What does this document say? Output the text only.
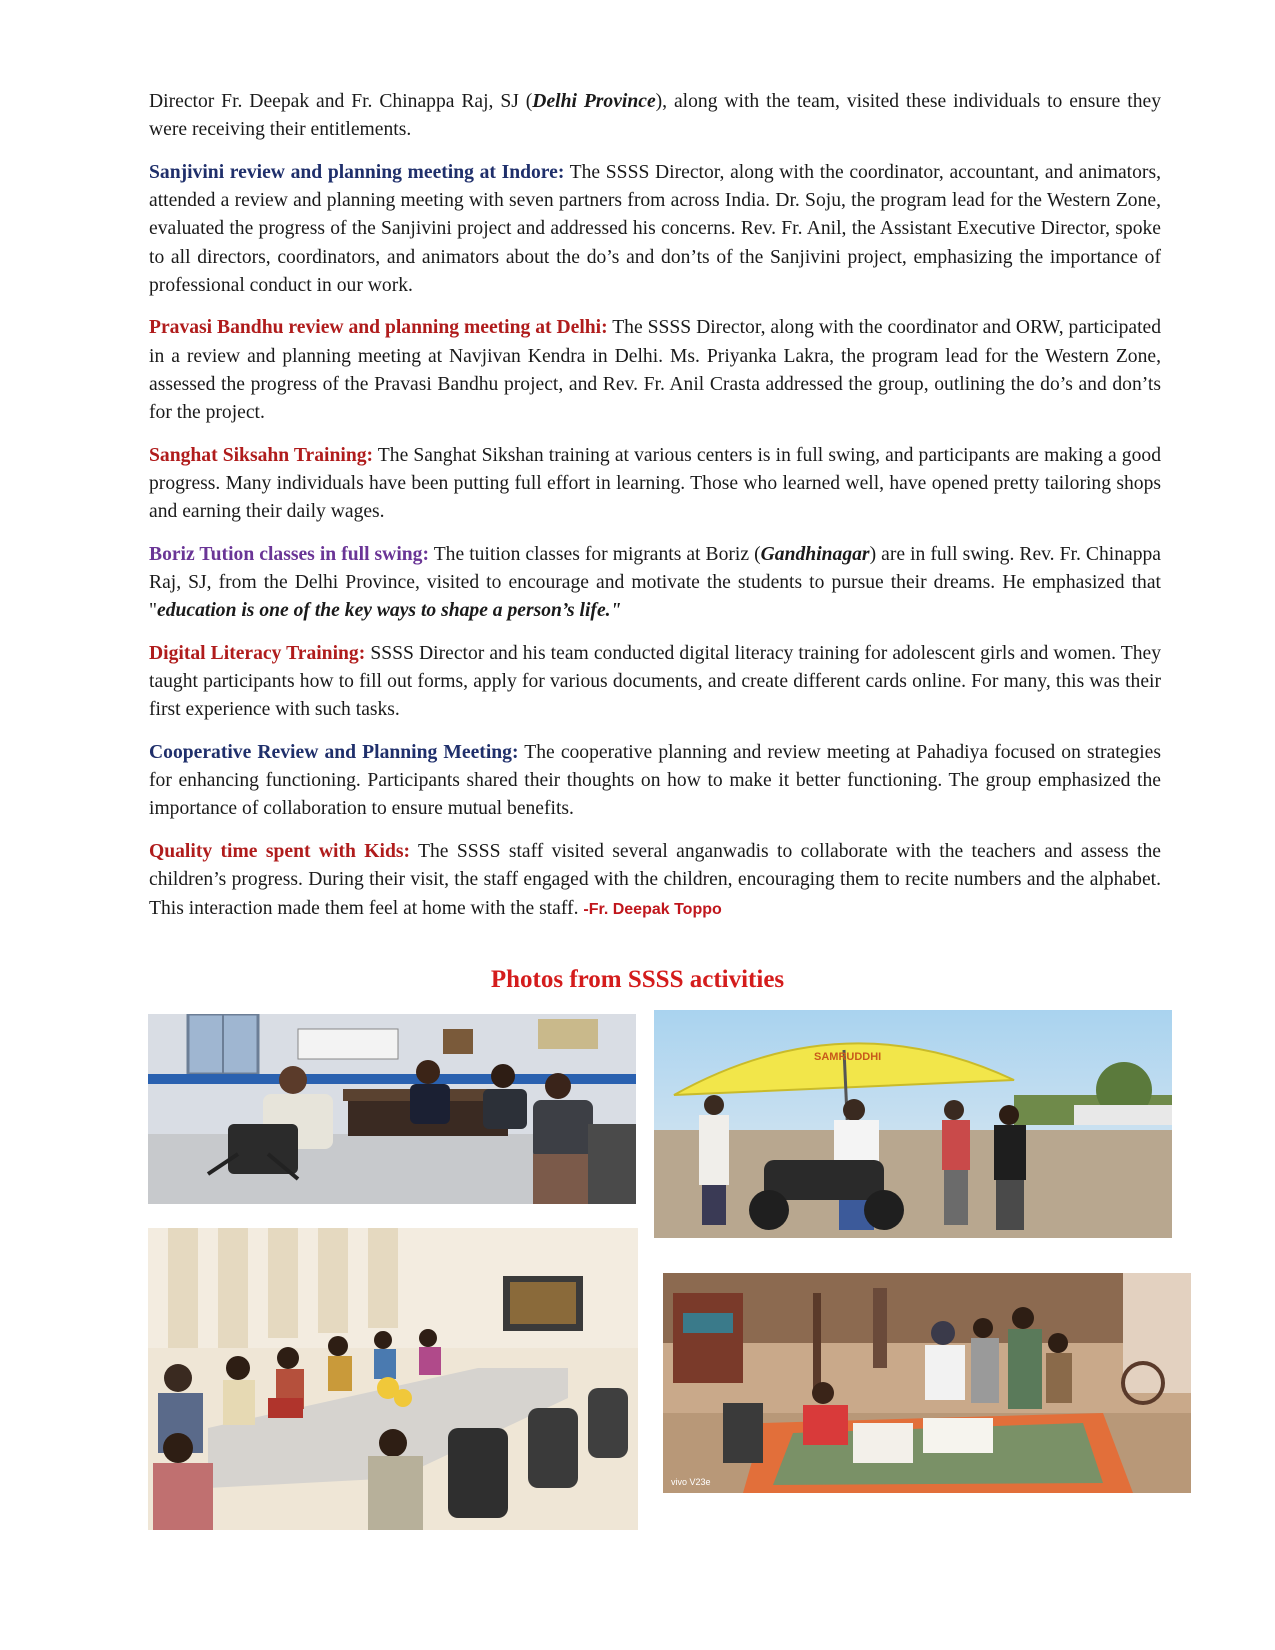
Director Fr. Deepak and Fr. Chinappa Raj, SJ (Delhi Province), along with the team, visited these individuals to ensure they were receiving their entitlements.

Sanjivini review and planning meeting at Indore: The SSSS Director, along with the coordinator, accountant, and animators, attended a review and planning meeting with seven partners from across India. Dr. Soju, the program lead for the Western Zone, evaluated the progress of the Sanjivini project and addressed his concerns. Rev. Fr. Anil, the Assistant Executive Director, spoke to all directors, coordinators, and animators about the do’s and don’ts of the Sanjivini project, emphasizing the importance of professional conduct in our work.

Pravasi Bandhu review and planning meeting at Delhi: The SSSS Director, along with the coordinator and ORW, participated in a review and planning meeting at Navjivan Kendra in Delhi. Ms. Priyanka Lakra, the program lead for the Western Zone, assessed the progress of the Pravasi Bandhu project, and Rev. Fr. Anil Crasta addressed the group, outlining the do’s and don’ts for the project.

Sanghat Siksahn Training: The Sanghat Sikshan training at various centers is in full swing, and participants are making a good progress. Many individuals have been putting full effort in learning. Those who learned well, have opened pretty tailoring shops and earning their daily wages.

Boriz Tution classes in full swing: The tuition classes for migrants at Boriz (Gandhinagar) are in full swing. Rev. Fr. Chinappa Raj, SJ, from the Delhi Province, visited to encourage and motivate the students to pursue their dreams. He emphasized that "education is one of the key ways to shape a person’s life."

Digital Literacy Training: SSSS Director and his team conducted digital literacy training for adolescent girls and women. They taught participants how to fill out forms, apply for various documents, and create different cards online. For many, this was their first experience with such tasks.

Cooperative Review and Planning Meeting: The cooperative planning and review meeting at Pahadiya focused on strategies for enhancing functioning. Participants shared their thoughts on how to make it better functioning. The group emphasized the importance of collaboration to ensure mutual benefits.

Quality time spent with Kids: The SSSS staff visited several anganwadis to collaborate with the teachers and assess the children’s progress. During their visit, the staff engaged with the children, encouraging them to recite numbers and the alphabet. This interaction made them feel at home with the staff. -Fr. Deepak Toppo

Photos from SSSS activities
SAMRUDDHI
vivo V23e
